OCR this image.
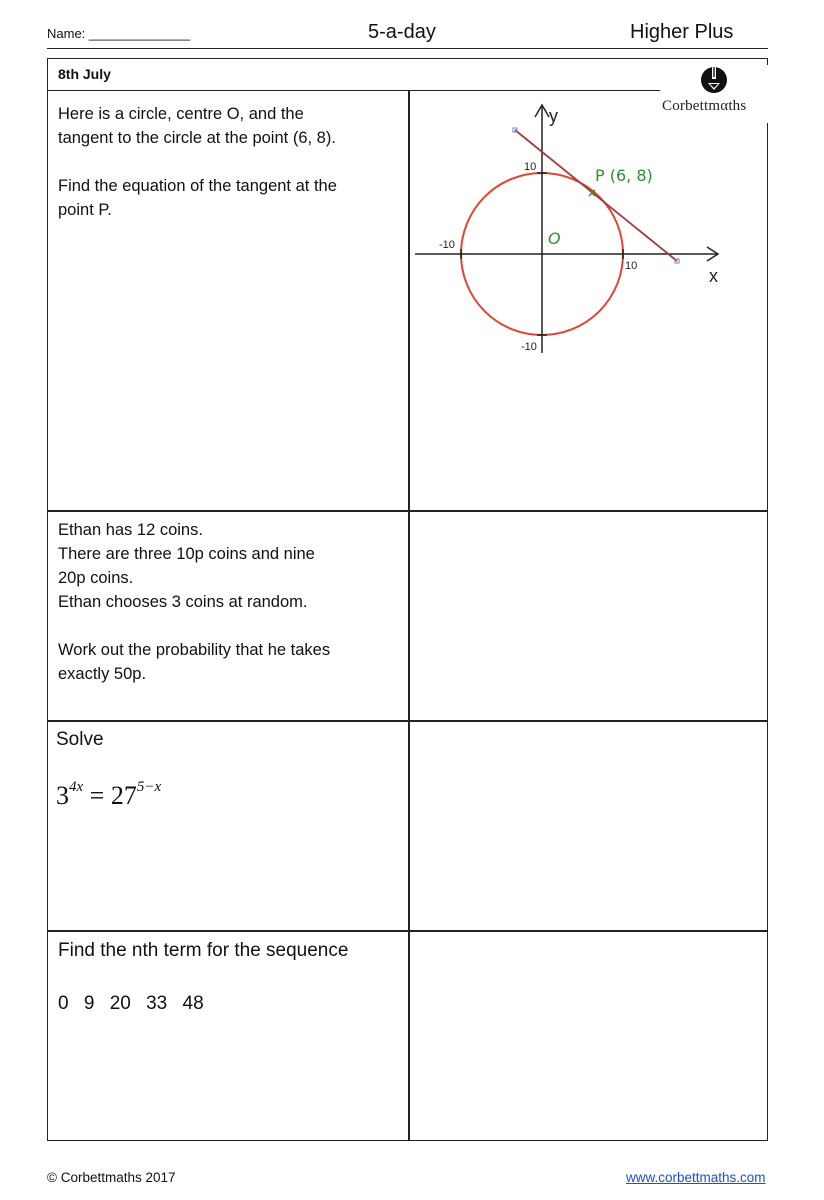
Name: ______________	5-a-day	Higher Plus
8th July
Corbettmαths

Here is a circle, centre O, and the

tangent to the circle at the point (6, 8).

Find the equation of the tangent at the

point P.

y
x
10
-10
10
-10	O
P (6, 8)

Ethan has 12 coins.

There are three 10p coins and nine

20p coins.

Ethan chooses 3 coins at random.

Work out the probability that he takes

exactly 50p.

Solve
$3^{4x} = 27^{5-x}$
Find the nth term for the sequence
0 9 20 33 48
© Corbettmaths 2017	www.corbettmaths.com
